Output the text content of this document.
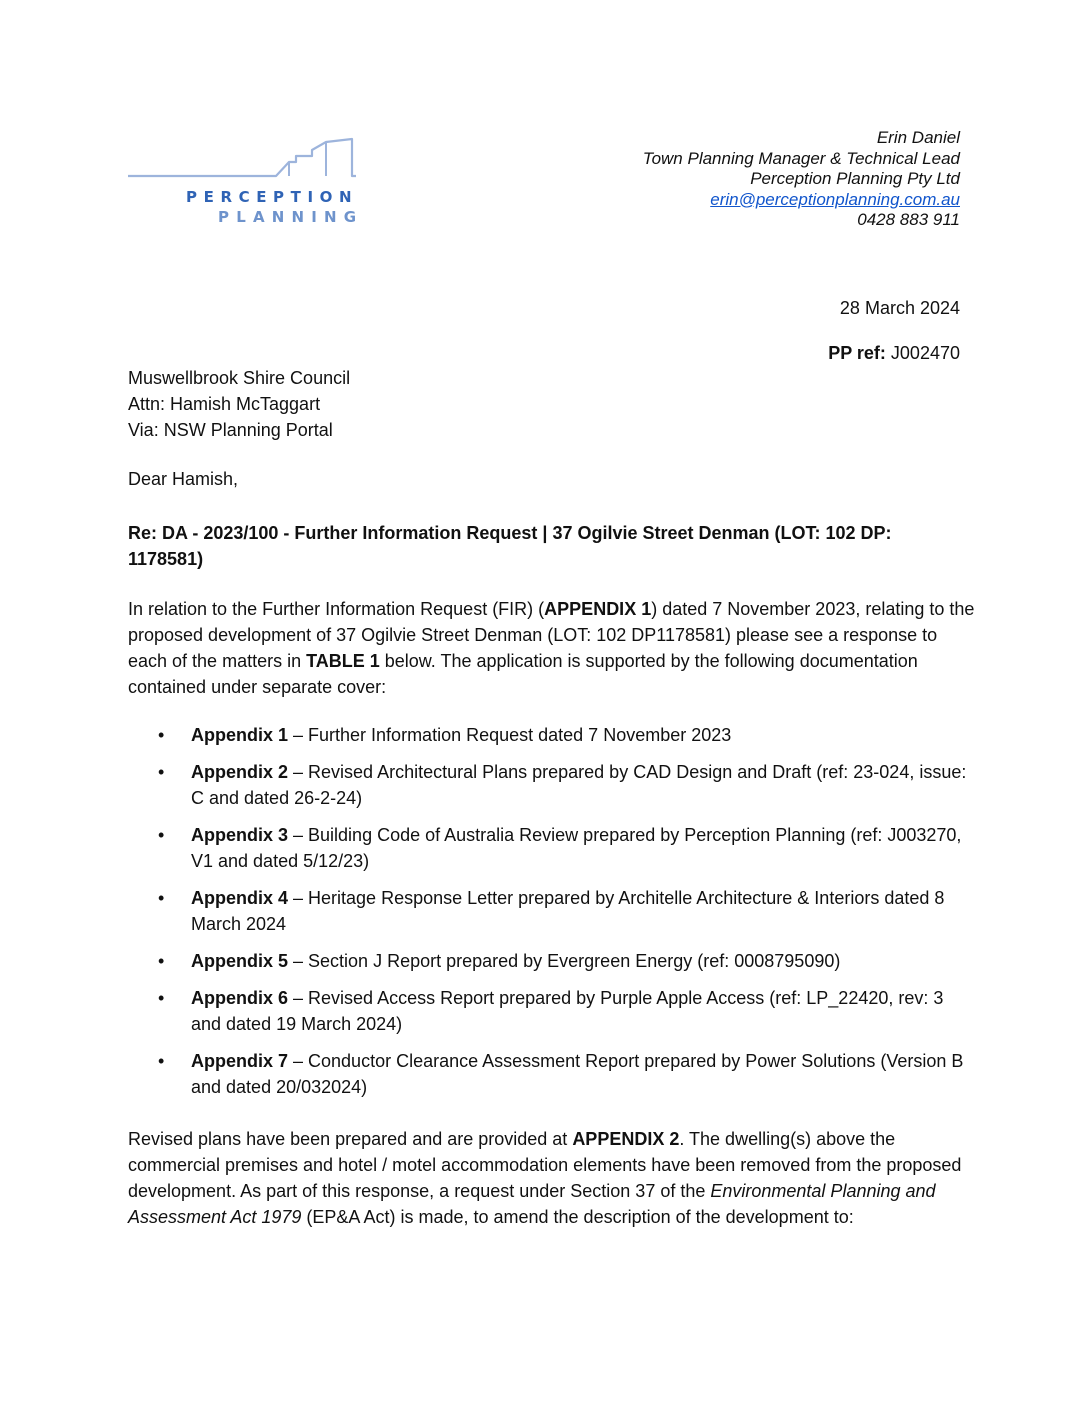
PERCEPTION
PLANNING
Erin Daniel
Town Planning Manager & Technical Lead
Perception Planning Pty Ltd
erin@perceptionplanning.com.au
0428 883 911
28 March 2024
PP ref: J002470
Muswellbrook Shire Council
Attn: Hamish McTaggart
Via: NSW Planning Portal
Dear Hamish,
Re: DA - 2023/100 - Further Information Request | 37 Ogilvie Street Denman (LOT: 102 DP: 1178581)
In relation to the Further Information Request (FIR) (APPENDIX 1) dated 7 November 2023, relating to the proposed development of 37 Ogilvie Street Denman (LOT: 102 DP1178581) please see a response to each of the matters in TABLE 1 below. The application is supported by the following documentation contained under separate cover:
• Appendix 1 – Further Information Request dated 7 November 2023
• Appendix 2 – Revised Architectural Plans prepared by CAD Design and Draft (ref: 23-024, issue: C and dated 26-2-24)
• Appendix 3 – Building Code of Australia Review prepared by Perception Planning (ref: J003270, V1 and dated 5/12/23)
• Appendix 4 – Heritage Response Letter prepared by Architelle Architecture & Interiors dated 8 March 2024
• Appendix 5 – Section J Report prepared by Evergreen Energy (ref: 0008795090)
• Appendix 6 – Revised Access Report prepared by Purple Apple Access (ref: LP_22420, rev: 3 and dated 19 March 2024)
• Appendix 7 – Conductor Clearance Assessment Report prepared by Power Solutions (Version B and dated 20/032024)
Revised plans have been prepared and are provided at APPENDIX 2. The dwelling(s) above the commercial premises and hotel / motel accommodation elements have been removed from the proposed development. As part of this response, a request under Section 37 of the Environmental Planning and Assessment Act 1979 (EP&A Act) is made, to amend the description of the development to:
